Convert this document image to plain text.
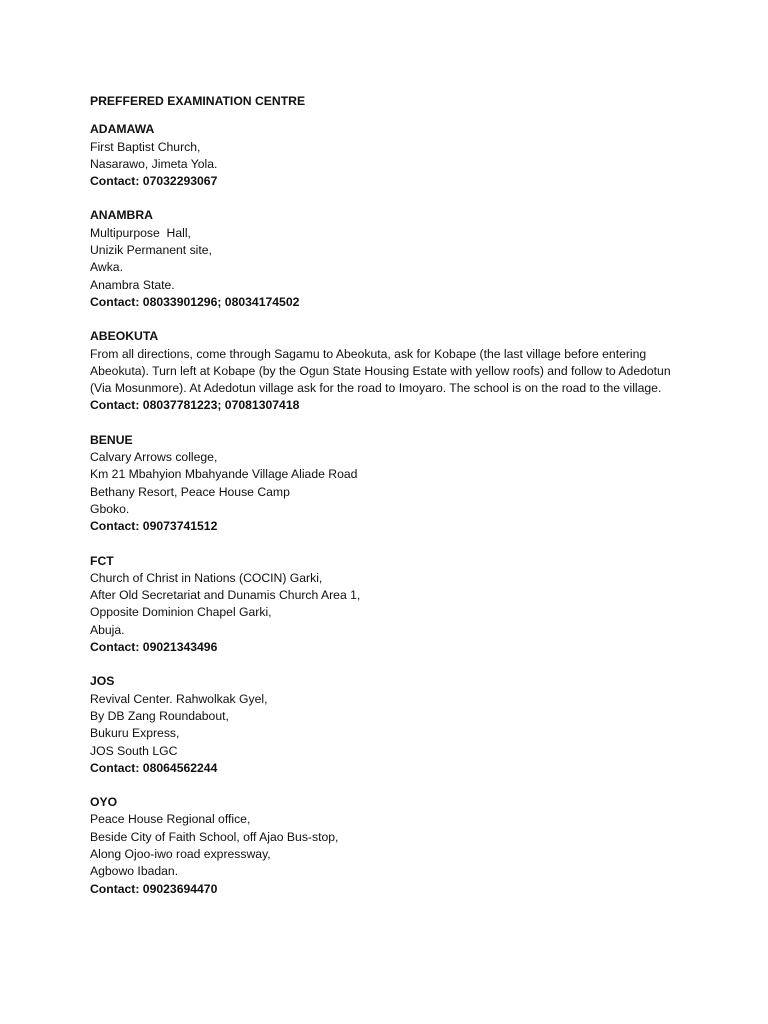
PREFFERED EXAMINATION CENTRE
ADAMAWA
First Baptist Church,
Nasarawo, Jimeta Yola.
Contact: 07032293067
ANAMBRA
Multipurpose  Hall,
Unizik Permanent site,
Awka.
Anambra State.
Contact: 08033901296; 08034174502
ABEOKUTA
From all directions, come through Sagamu to Abeokuta, ask for Kobape (the last village before entering Abeokuta). Turn left at Kobape (by the Ogun State Housing Estate with yellow roofs) and follow to Adedotun (Via Mosunmore). At Adedotun village ask for the road to Imoyaro. The school is on the road to the village.
Contact: 08037781223; 07081307418
BENUE
Calvary Arrows college,
Km 21 Mbahyion Mbahyande Village Aliade Road
Bethany Resort, Peace House Camp
Gboko.
Contact: 09073741512
FCT
Church of Christ in Nations (COCIN) Garki,
After Old Secretariat and Dunamis Church Area 1,
Opposite Dominion Chapel Garki,
Abuja.
Contact: 09021343496
JOS
Revival Center. Rahwolkak Gyel,
By DB Zang Roundabout,
Bukuru Express,
JOS South LGC
Contact: 08064562244
OYO
Peace House Regional office,
Beside City of Faith School, off Ajao Bus-stop,
Along Ojoo-iwo road expressway,
Agbowo Ibadan.
Contact: 09023694470
